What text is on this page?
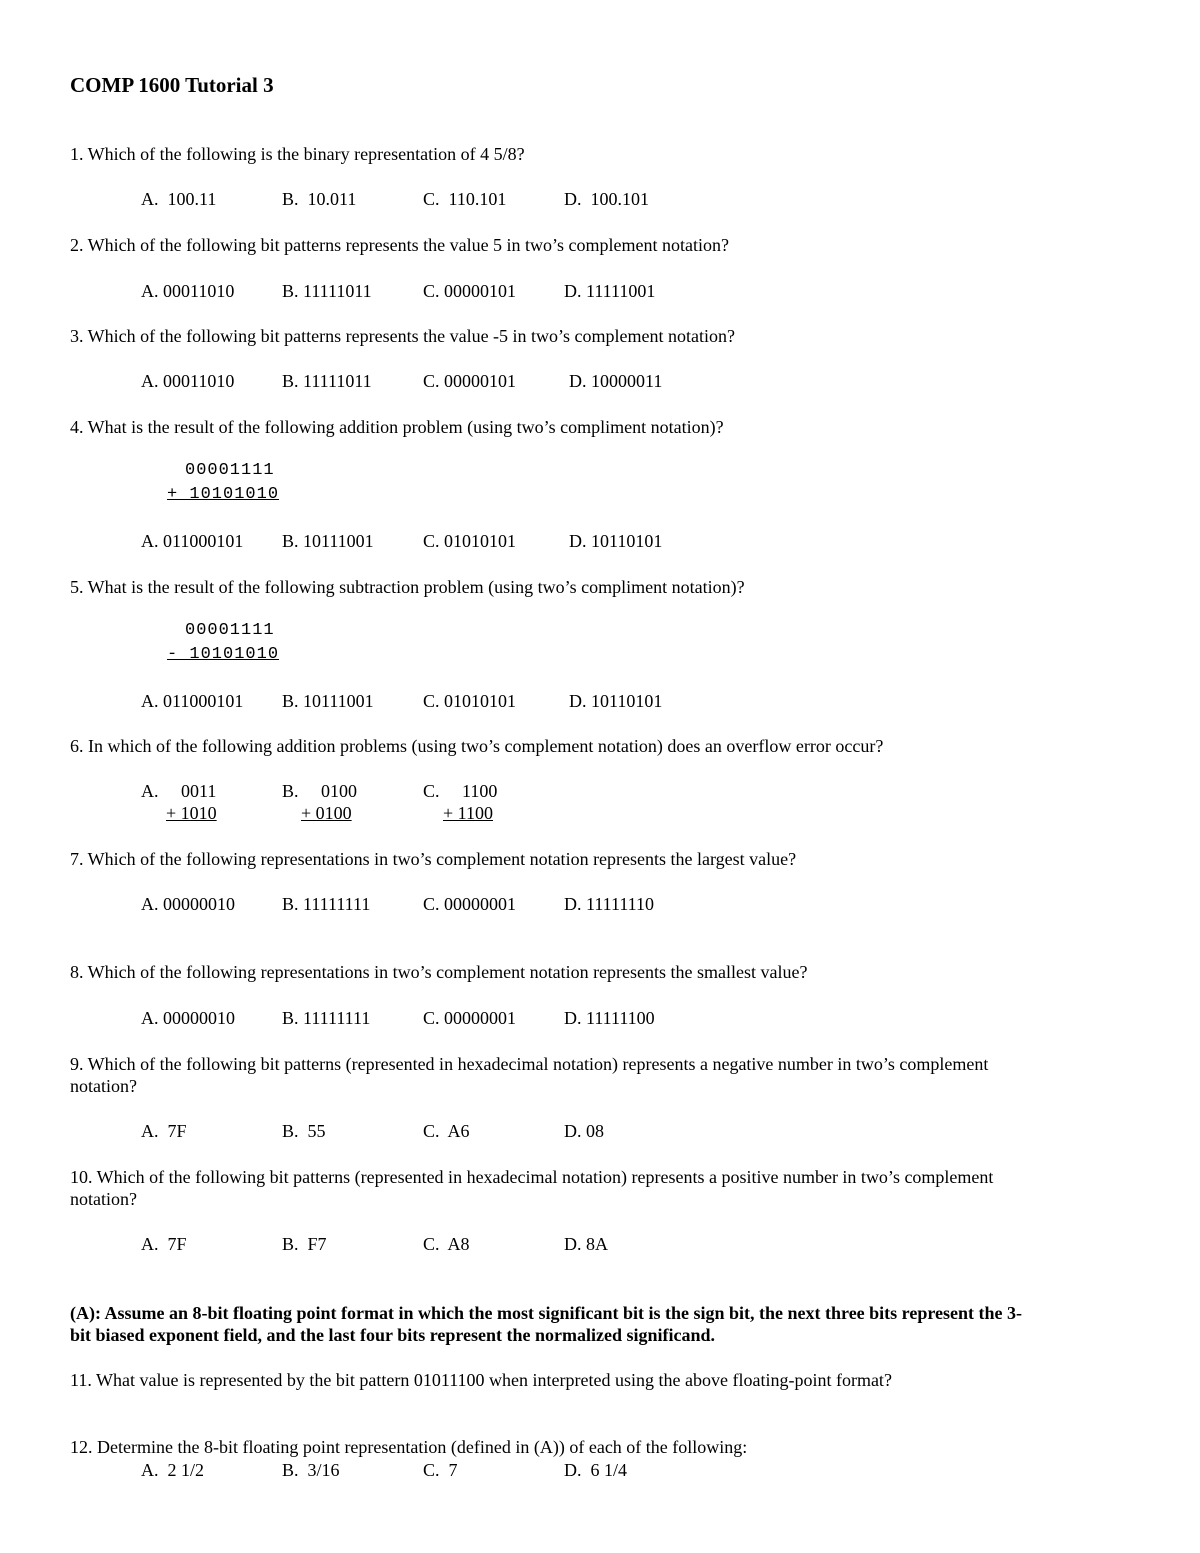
COMP 1600 Tutorial 3
1. Which of the following is the binary representation of 4 5/8?
A.  100.11	B.  10.011	C.  110.101	D.  100.101
2. Which of the following bit patterns represents the value 5 in two’s complement notation?
A. 00011010	B. 11111011	C. 00000101	D. 11111001
3. Which of the following bit patterns represents the value -5 in two’s complement notation?
A. 00011010	B. 11111011	C. 00000101	D. 10000011
4. What is the result of the following addition problem (using two’s compliment notation)?
00001111
+ 10101010
A. 011000101 B. 10111001	C. 01010101	D. 10110101
5. What is the result of the following subtraction problem (using two’s compliment notation)?
00001111
- 10101010
A. 011000101 B. 10111001	C. 01010101	D. 10110101
6. In which of the following addition problems (using two’s complement notation) does an overflow error occur?
A.     0011
+ 1010
B.     0100
+ 0100
C.     1100
+ 1100
7. Which of the following representations in two’s complement notation represents the largest value?
A. 00000010	B. 11111111	C. 00000001	D. 11111110
8. Which of the following representations in two’s complement notation represents the smallest value?
A. 00000010	B. 11111111	C. 00000001	D. 11111100
9. Which of the following bit patterns (represented in hexadecimal notation) represents a negative number in two’s complement
notation?
A.  7F	B.  55	C.  A6	D. 08
10. Which of the following bit patterns (represented in hexadecimal notation) represents a positive number in two’s complement
notation?
A.  7F	B.  F7	C.  A8	D. 8A
(A): Assume an 8-bit floating point format in which the most significant bit is the sign bit, the next three bits represent the 3-
bit biased exponent field, and the last four bits represent the normalized significand.
11. What value is represented by the bit pattern 01011100 when interpreted using the above floating-point format?
12. Determine the 8-bit floating point representation (defined in (A)) of each of the following:
A.  2 1/2	B.  3/16	C.  7	D.  6 1/4
